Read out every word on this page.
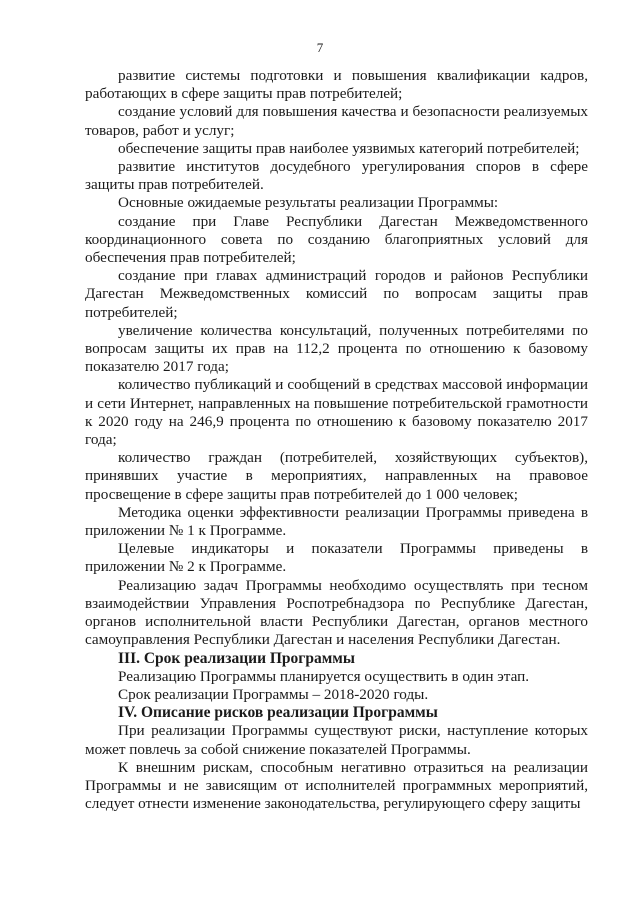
7

развитие системы подготовки и повышения квалификации кадров, работающих в сфере защиты прав потребителей;

создание условий для повышения качества и безопасности реализуемых товаров, работ и услуг;

обеспечение защиты прав наиболее уязвимых категорий потребителей;

развитие институтов досудебного урегулирования споров в сфере защиты прав потребителей.

Основные ожидаемые результаты реализации Программы:

создание при Главе Республики Дагестан Межведомственного координационного совета по созданию благоприятных условий для обеспечения прав потребителей;

создание при главах администраций городов и районов Республики Дагестан Межведомственных комиссий по вопросам защиты прав потребителей;

увеличение количества консультаций, полученных потребителями по вопросам защиты их прав на 112,2 процента по отношению к базовому показателю 2017 года;

количество публикаций и сообщений в средствах массовой информации и сети Интернет, направленных на повышение потребительской грамотности к 2020 году на 246,9 процента по отношению к базовому показателю 2017 года;

количество граждан (потребителей, хозяйствующих субъектов), принявших участие в мероприятиях, направленных на правовое просвещение в сфере защиты прав потребителей до 1 000 человек;

Методика оценки эффективности реализации Программы приведена в приложении № 1 к Программе.

Целевые индикаторы и показатели Программы приведены в приложении № 2 к Программе.

Реализацию задач Программы необходимо осуществлять при тесном взаимодействии Управления Роспотребнадзора по Республике Дагестан, органов исполнительной власти Республики Дагестан, органов местного самоуправления Республики Дагестан и населения Республики Дагестан.

III. Срок реализации Программы

Реализацию Программы планируется осуществить в один этап.

Срок реализации Программы – 2018-2020 годы.

IV. Описание рисков реализации Программы

При реализации Программы существуют риски, наступление которых может повлечь за собой снижение показателей Программы.

К внешним рискам, способным негативно отразиться на реализации Программы и не зависящим от исполнителей программных мероприятий, следует отнести изменение законодательства, регулирующего сферу защиты
